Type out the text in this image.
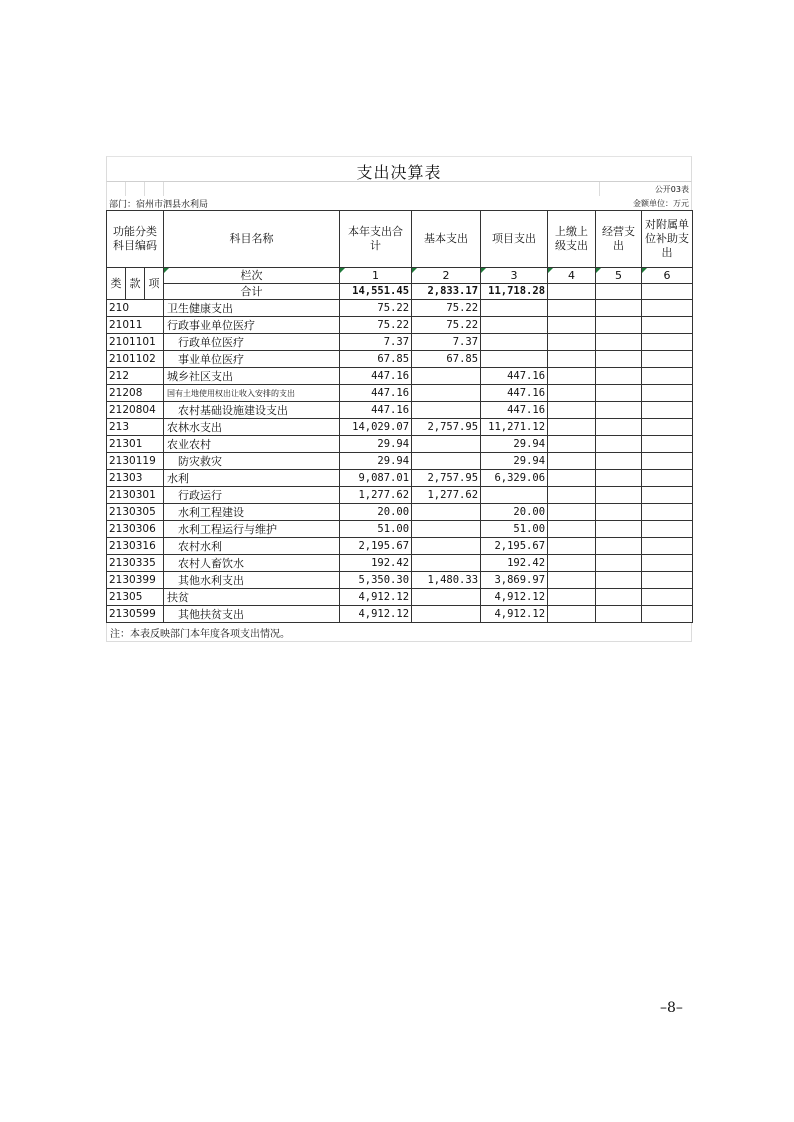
支出决算表
公开03表
部门：宿州市泗县水利局	金额单位：万元
功能分类科目编码			科目名称	本年支出合计	基本支出	项目支出	上缴上级支出	经营支出	对附属单位补助支出
类	款	项	栏次	1	2	3	4	5	6
			合计	14,551.45	2,833.17	11,718.28			
210			卫生健康支出	75.22	75.22				
21011			行政事业单位医疗	75.22	75.22				
2101101			行政单位医疗	7.37	7.37				
2101102			事业单位医疗	67.85	67.85				
212			城乡社区支出	447.16		447.16			
21208			国有土地使用权出让收入安排的支出	447.16		447.16			
2120804			农村基础设施建设支出	447.16		447.16			
213			农林水支出	14,029.07	2,757.95	11,271.12			
21301			农业农村	29.94		29.94			
2130119			防灾救灾	29.94		29.94			
21303			水利	9,087.01	2,757.95	6,329.06			
2130301			行政运行	1,277.62	1,277.62				
2130305			水利工程建设	20.00		20.00			
2130306			水利工程运行与维护	51.00		51.00			
2130316			农村水利	2,195.67		2,195.67			
2130335			农村人畜饮水	192.42		192.42			
2130399			其他水利支出	5,350.30	1,480.33	3,869.97			
21305			扶贫	4,912.12		4,912.12			
2130599			其他扶贫支出	4,912.12		4,912.12			
注：本表反映部门本年度各项支出情况。
–8–
